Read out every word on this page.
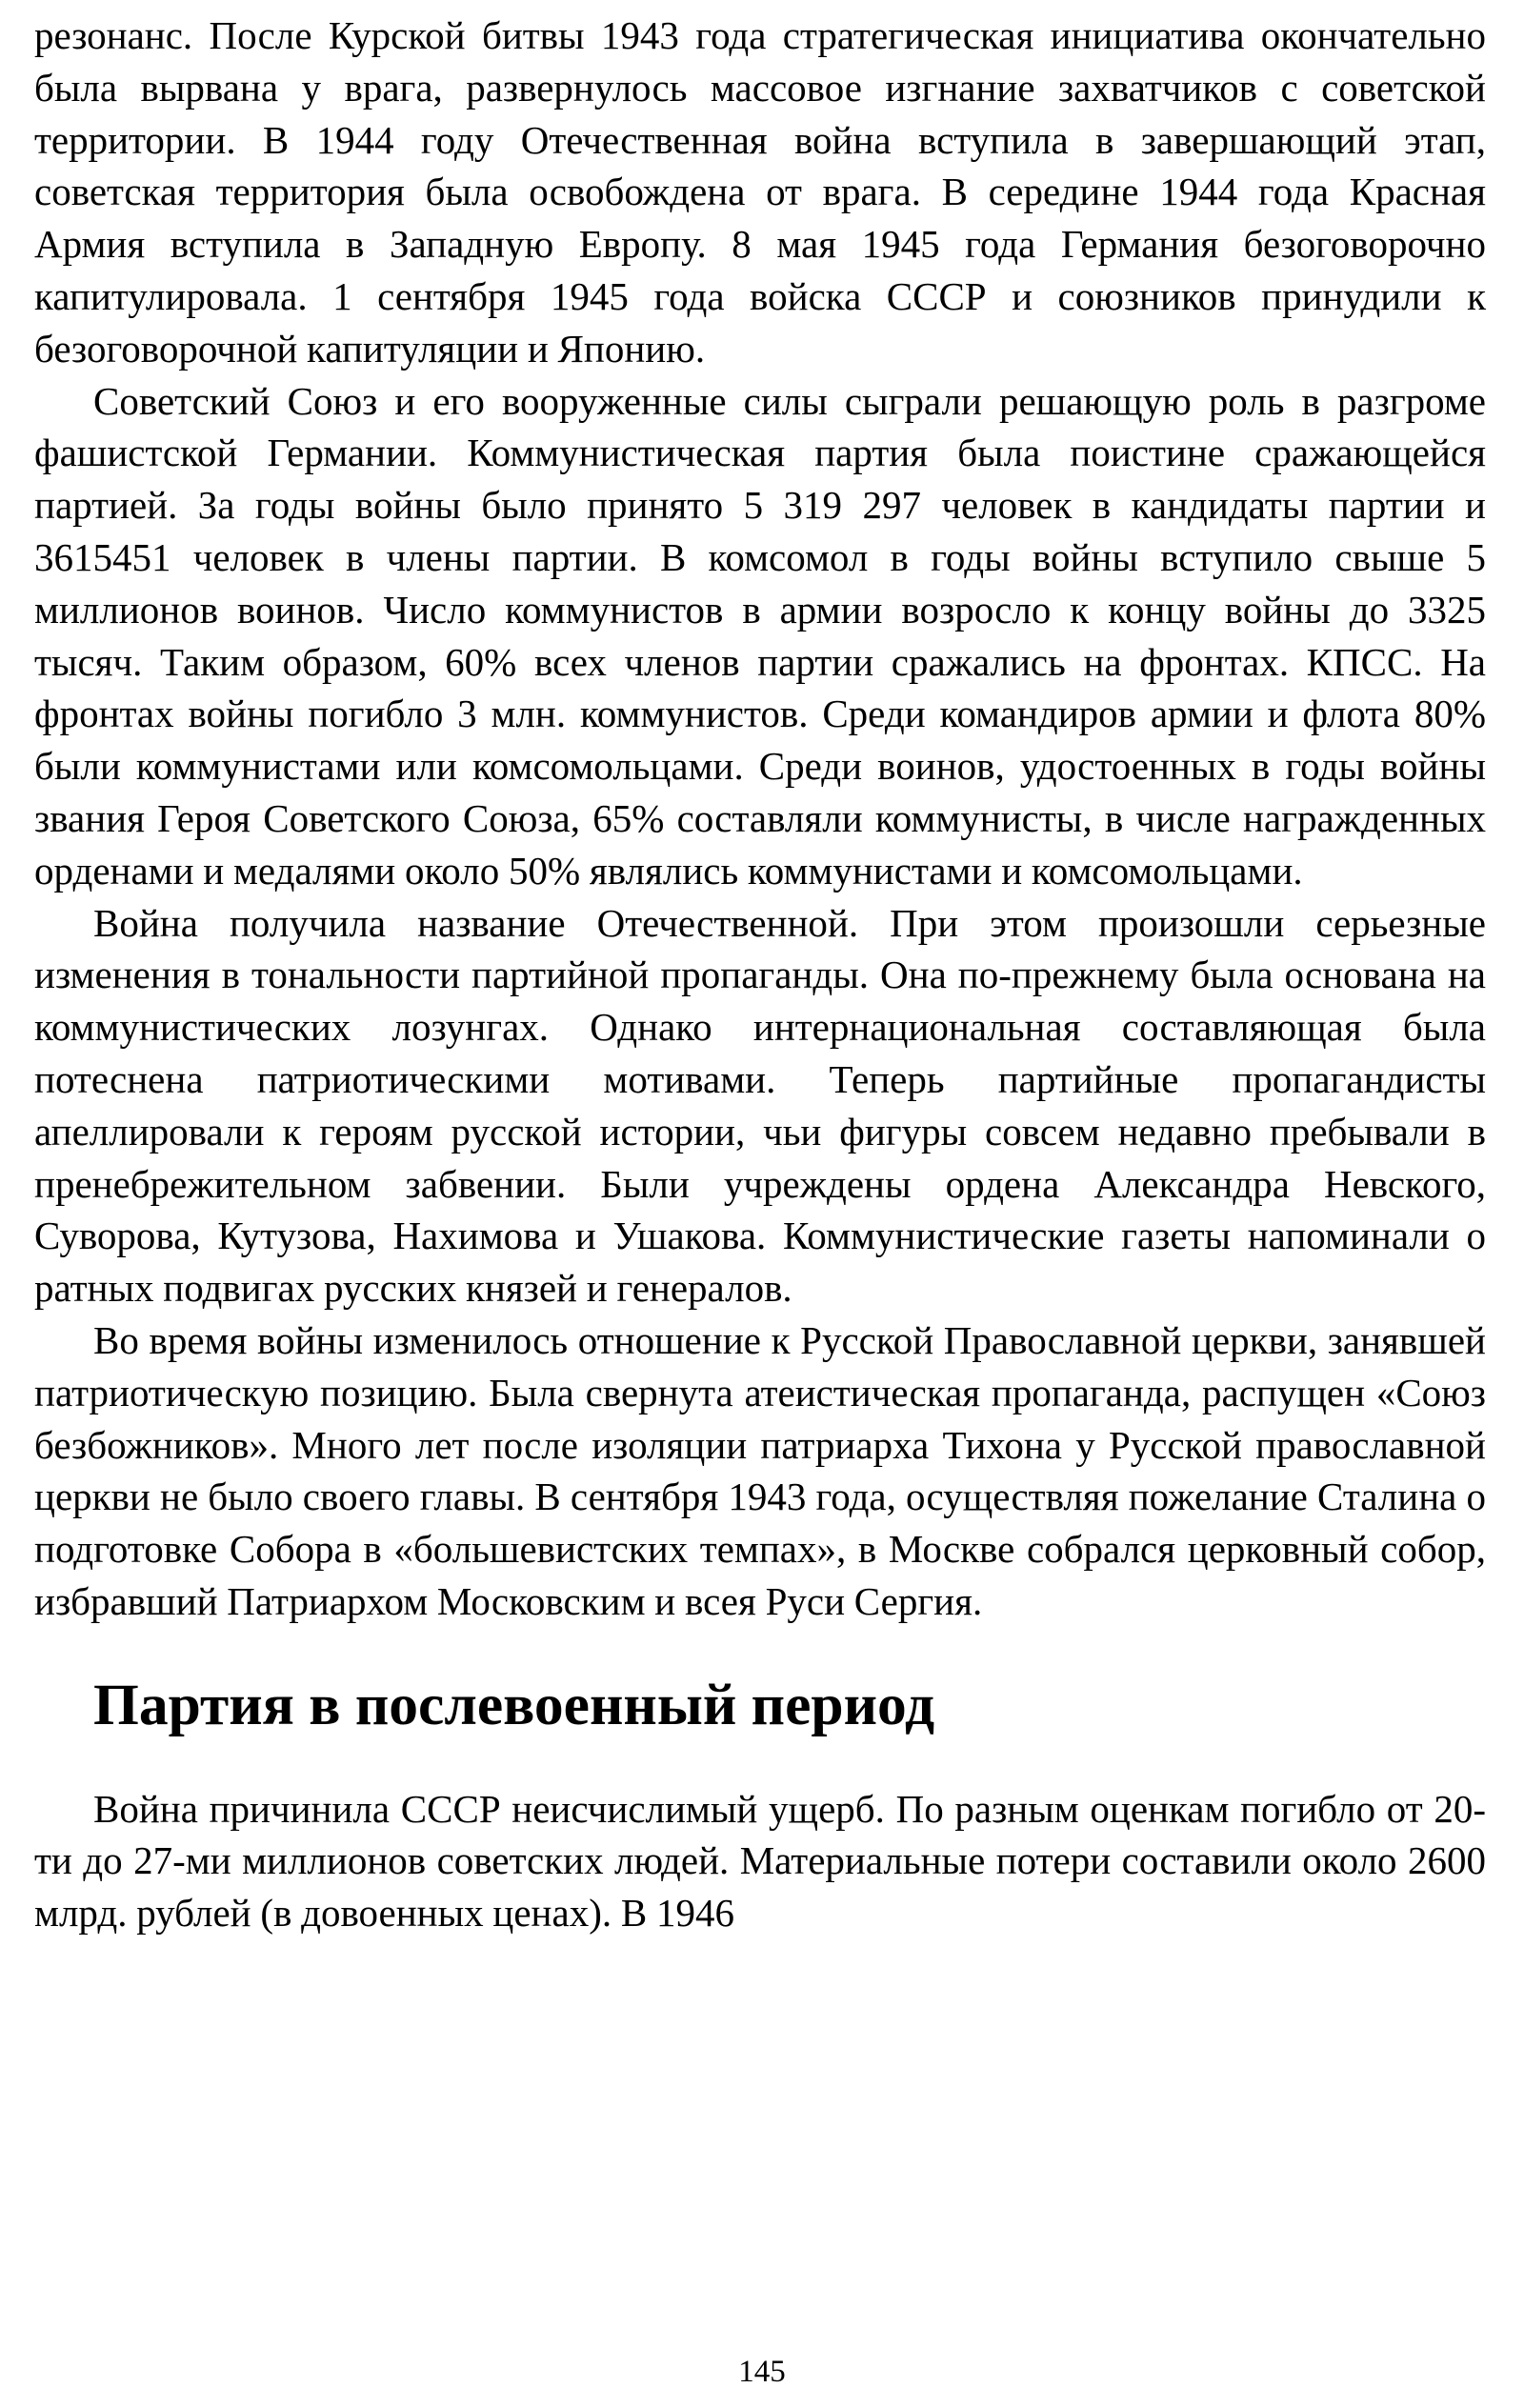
резонанс. После Курской битвы 1943 года стратегическая инициатива окончательно была вырвана у врага, развернулось массовое изгнание захватчиков с советской территории. В 1944 году Отечественная война вступила в завершающий этап, советская территория была освобождена от врага. В середине 1944 года Красная Армия вступила в Западную Европу. 8 мая 1945 года Германия безоговорочно капитулировала. 1 сентября 1945 года войска СССР и союзников принудили к безоговорочной капитуляции и Японию.

Советский Союз и его вооруженные силы сыграли решающую роль в разгроме фашистской Германии. Коммунистическая партия была поистине сражающейся партией. За годы войны было принято 5 319 297 человек в кандидаты партии и 3615451 человек в члены партии. В комсомол в годы войны вступило свыше 5 миллионов воинов. Число коммунистов в армии возросло к концу войны до 3325 тысяч. Таким образом, 60% всех членов партии сражались на фронтах. КПСС. На фронтах войны погибло 3 млн. коммунистов. Среди командиров армии и флота 80% были коммунистами или комсомольцами. Среди воинов, удостоенных в годы войны звания Героя Советского Союза, 65% составляли коммунисты, в числе награжденных орденами и медалями около 50% являлись коммунистами и комсомольцами.

Война получила название Отечественной. При этом произошли серьезные изменения в тональности партийной пропаганды. Она по-прежнему была основана на коммунистических лозунгах. Однако интернациональная составляющая была потеснена патриотическими мотивами. Теперь партийные пропагандисты апеллировали к героям русской истории, чьи фигуры совсем недавно пребывали в пренебрежительном забвении. Были учреждены ордена Александра Невского, Суворова, Кутузова, Нахимова и Ушакова. Коммунистические газеты напоминали о ратных подвигах русских князей и генералов.

Во время войны изменилось отношение к Русской Православной церкви, занявшей патриотическую позицию. Была свернута атеистическая пропаганда, распущен «Союз безбожников». Много лет после изоляции патриарха Тихона у Русской православной церкви не было своего главы. В сентября 1943 года, осуществляя пожелание Сталина о подготовке Собора в «большевистских темпах», в Москве собрался церковный собор, избравший Патриархом Московским и всея Руси Сергия.

Партия в послевоенный период

Война причинила СССР неисчислимый ущерб. По разным оценкам погибло от 20-ти до 27-ми миллионов советских людей. Материальные потери составили около 2600 млрд. рублей (в довоенных ценах). В 1946

145
